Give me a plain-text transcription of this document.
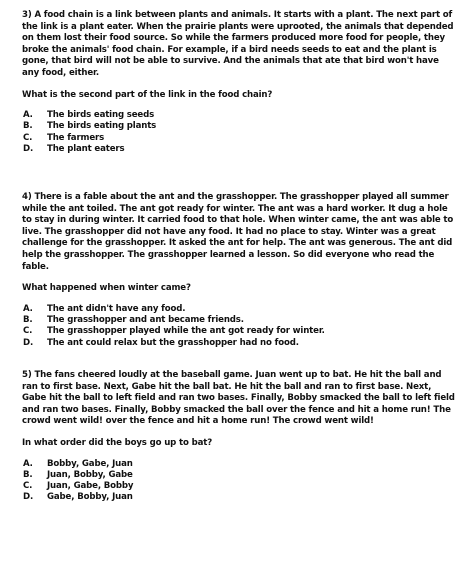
3) A food chain is a link between plants and animals. It starts with a plant. The next part of the link is a plant eater. When the prairie plants were uprooted, the animals that depended on them lost their food source. So while the farmers produced more food for people, they broke the animals' food chain. For example, if a bird needs seeds to eat and the plant is gone, that bird will not be able to survive. And the animals that ate that bird won't have any food, either.

What is the second part of the link in the food chain?

A.	The birds eating seeds
B.	The birds eating plants
C.	The farmers
D.	The plant eaters

4) There is a fable about the ant and the grasshopper. The grasshopper played all summer while the ant toiled. The ant got ready for winter. The ant was a hard worker. It dug a hole to stay in during winter. It carried food to that hole. When winter came, the ant was able to live. The grasshopper did not have any food. It had no place to stay. Winter was a great challenge for the grasshopper. It asked the ant for help. The ant was generous. The ant did help the grasshopper. The grasshopper learned a lesson. So did everyone who read the fable.

What happened when winter came?

A.	The ant didn't have any food.
B.	The grasshopper and ant became friends.
C.	The grasshopper played while the ant got ready for winter.
D.	The ant could relax but the grasshopper had no food.

5) The fans cheered loudly at the baseball game. Juan went up to bat. He hit the ball and ran to first base. Next, Gabe hit the ball bat. He hit the ball and ran to first base. Next, Gabe hit the ball to left field and ran two bases. Finally, Bobby smacked the ball to left field and ran two bases. Finally, Bobby smacked the ball over the fence and hit a home run! The crowd went wild! over the fence and hit a home run! The crowd went wild!

In what order did the boys go up to bat?

A.	Bobby, Gabe, Juan
B.	Juan, Bobby, Gabe
C.	Juan, Gabe, Bobby
D.	Gabe, Bobby, Juan
